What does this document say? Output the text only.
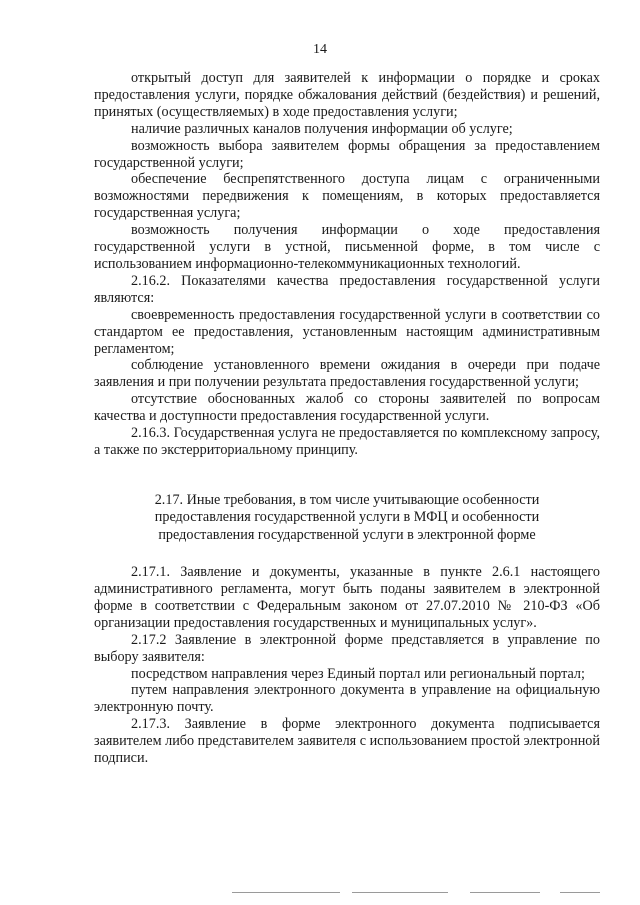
14

открытый доступ для заявителей к информации о порядке и сроках предоставления услуги, порядке обжалования действий (бездействия) и решений, принятых (осуществляемых) в ходе предоставления услуги;

наличие различных каналов получения информации об услуге;

возможность выбора заявителем формы обращения за предоставлением государственной услуги;

обеспечение беспрепятственного доступа лицам с ограниченными возможностями передвижения к помещениям, в которых предоставляется государственная услуга;

возможность получения информации о ходе предоставления государственной услуги в устной, письменной форме, в том числе с использованием информационно-телекоммуникационных технологий.

2.16.2. Показателями качества предоставления государственной услуги являются:

своевременность предоставления государственной услуги в соответствии со стандартом ее предоставления, установленным настоящим административным регламентом;

соблюдение установленного времени ожидания в очереди при подаче заявления и при получении результата предоставления государственной услуги;

отсутствие обоснованных жалоб со стороны заявителей по вопросам качества и доступности предоставления государственной услуги.

2.16.3. Государственная услуга не предоставляется по комплексному запросу, а также по экстерриториальному принципу.

2.17. Иные требования, в том числе учитывающие особенности предоставления государственной услуги в МФЦ и особенности предоставления государственной услуги в электронной форме

2.17.1. Заявление и документы, указанные в пункте 2.6.1 настоящего административного регламента, могут быть поданы заявителем в электронной форме в соответствии с Федеральным законом от 27.07.2010 № 210-ФЗ «Об организации предоставления государственных и муниципальных услуг».

2.17.2 Заявление в электронной форме представляется в управление по выбору заявителя:

посредством направления через Единый портал или региональный портал;

путем направления электронного документа в управление на официальную электронную почту.

2.17.3. Заявление в форме электронного документа подписывается заявителем либо представителем заявителя с использованием простой электронной подписи.
